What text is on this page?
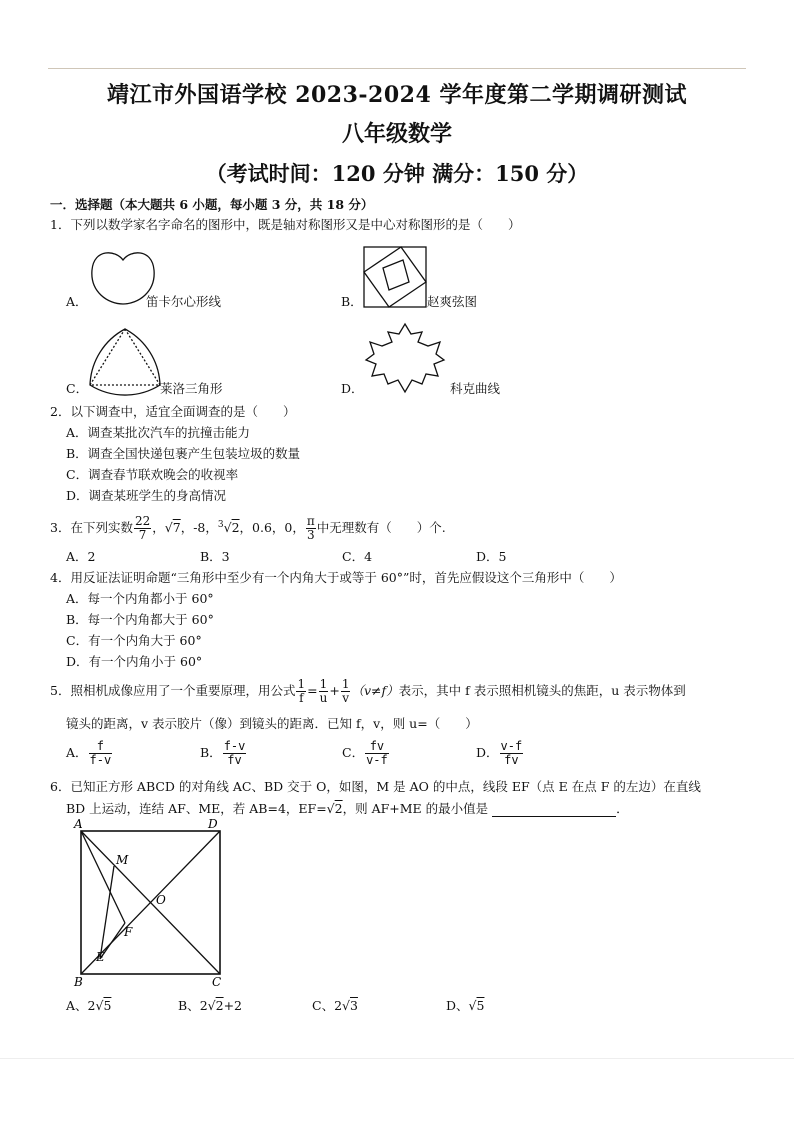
靖江市外国语学校 2023-2024 学年度第二学期调研测试
八年级数学
（考试时间：120 分钟 满分：150 分）
一．选择题（本大题共 6 小题，每小题 3 分，共 18 分）
1．下列以数学家名字命名的图形中，既是轴对称图形又是中心对称图形的是（　　）
A．	笛卡尔心形线	B．	赵爽弦图
C．	莱洛三角形	D．	科克曲线
2．以下调查中，适宜全面调查的是（　　）
A．调查某批次汽车的抗撞击能力
B．调查全国快递包裹产生包装垃圾的数量
C．调查春节联欢晚会的收视率
D．调查某班学生的身高情况
3．在下列实数 $\frac{22}{7}$ ，√7，-8，$^3$√2，0.6，0， $\frac{\pi}{3}$ 中无理数有（　　）个.
A．2	B．3	C．4	D．5
4．用反证法证明命题“三角形中至少有一个内角大于或等于 60°”时，首先应假设这个三角形中（　　）
A．每一个内角都小于 60°
B．每一个内角都大于 60°
C．有一个内角大于 60°
D．有一个内角小于 60°
5．照相机成像应用了一个重要原理，用公式 $\frac{1}{f} = \frac{1}{u} + \frac{1}{v} (v\ne f)$表示，其中 f 表示照相机镜头的焦距，u 表示物体到
镜头的距离，v 表示胶片（像）到镜头的距离．已知 f，v，则 u=（　　）
A． $\frac{f}{f-v}$	B． $\frac{f-v}{fv}$	C． $\frac{fv}{v-f}$	D． $\frac{v-f}{fv}$
6．已知正方形 ABCD 的对角线 AC、BD 交于 O，如图，M 是 AO 的中点，线段 EF（点 E 在点 F 的左边）在直线
BD 上运动，连结 AF、ME，若 AB=4，EF=√2，则 AF+ME 的最小值是	．
A	D
B	C
M
O
E
F
A、2√5	B、2√2+2	C、2√3	D、√5
